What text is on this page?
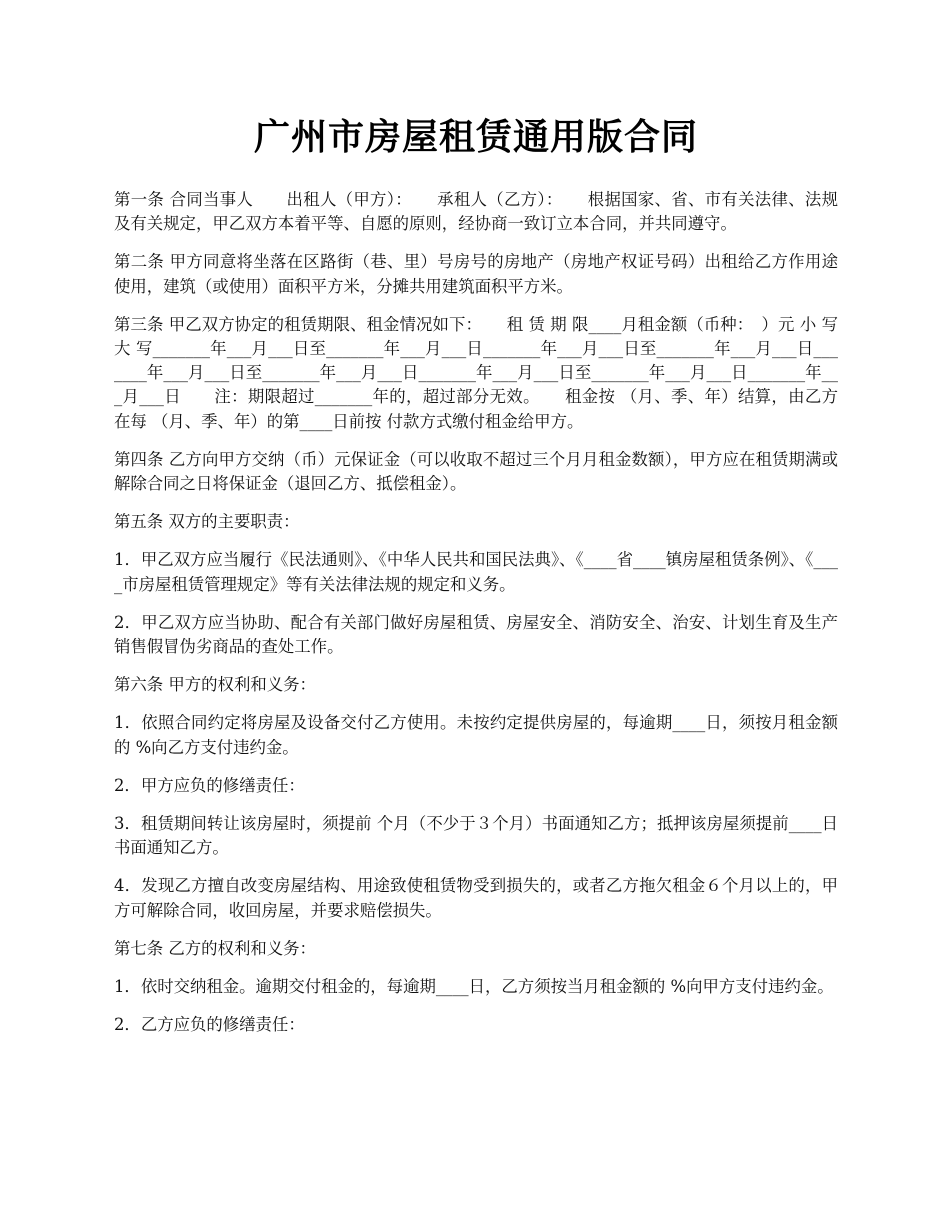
广州市房屋租赁通用版合同

第一条 合同当事人　　出租人（甲方）：　　承租人（乙方）：　　根据国家、省、市有关法律、法规及有关规定，甲乙双方本着平等、自愿的原则，经协商一致订立本合同，并共同遵守。

第二条 甲方同意将坐落在区路街（巷、里）号房号的房地产（房地产权证号码）出租给乙方作用途使用，建筑（或使用）面积平方米，分摊共用建筑面积平方米。

第三条 甲乙双方协定的租赁期限、租金情况如下：　　租 赁 期 限____月租金额（币种：　）元 小 写　　大 写_______年___月___日至_______年___月___日_______年___月___日至_______年___月___日_______年___月___日至_______年___月___日_______年___月___日至_______年___月___日_______年___月___日　　注：期限超过_______年的，超过部分无效。　　租金按 （月、季、年）结算，由乙方在每 （月、季、年）的第____日前按 付款方式缴付租金给甲方。

第四条 乙方向甲方交纳（币）元保证金（可以收取不超过三个月月租金数额），甲方应在租赁期满或解除合同之日将保证金（退回乙方、抵偿租金）。

第五条 双方的主要职责：

1．甲乙双方应当履行《民法通则》、《中华人民共和国民法典》、《____省____镇房屋租赁条例》、《____市房屋租赁管理规定》等有关法律法规的规定和义务。

2．甲乙双方应当协助、配合有关部门做好房屋租赁、房屋安全、消防安全、治安、计划生育及生产销售假冒伪劣商品的查处工作。

第六条 甲方的权利和义务：

1．依照合同约定将房屋及设备交付乙方使用。未按约定提供房屋的，每逾期____日，须按月租金额的 %向乙方支付违约金。

2．甲方应负的修缮责任：

3．租赁期间转让该房屋时，须提前 个月（不少于３个月）书面通知乙方；抵押该房屋须提前____日书面通知乙方。

4．发现乙方擅自改变房屋结构、用途致使租赁物受到损失的，或者乙方拖欠租金６个月以上的，甲方可解除合同，收回房屋，并要求赔偿损失。

第七条 乙方的权利和义务：

1．依时交纳租金。逾期交付租金的，每逾期____日，乙方须按当月租金额的 %向甲方支付违约金。

2．乙方应负的修缮责任：
